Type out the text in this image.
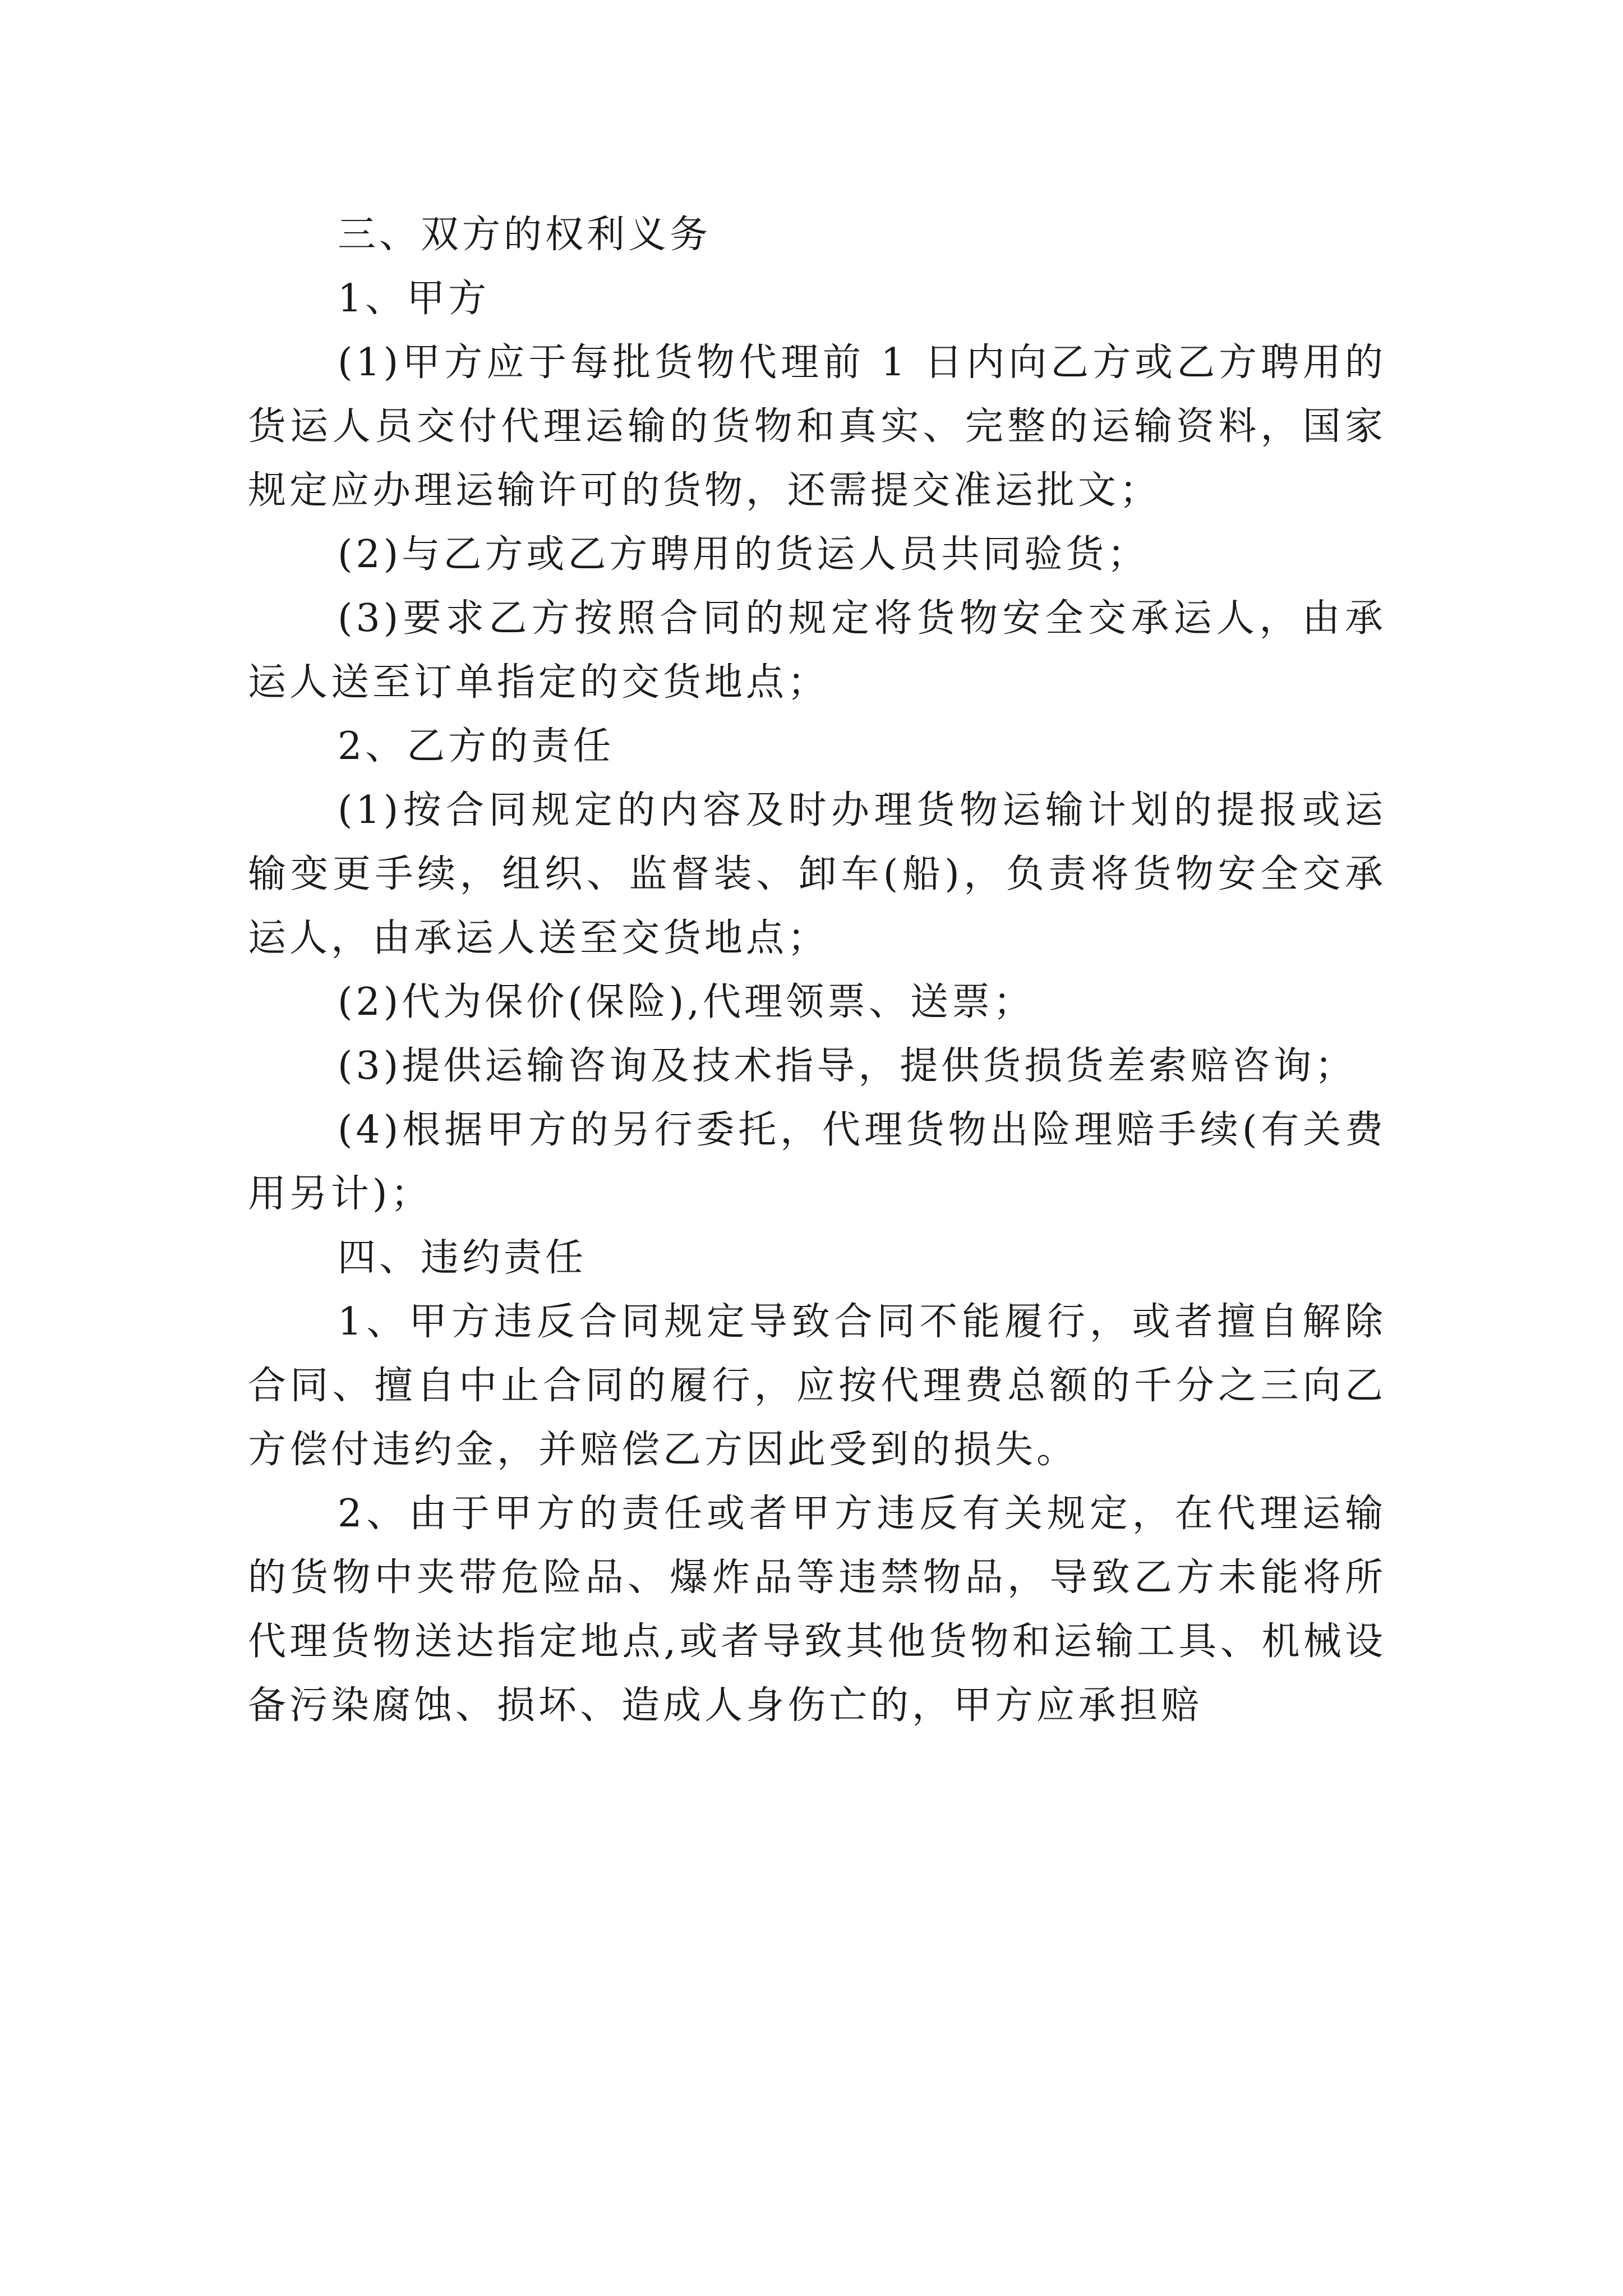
三、双方的权利义务

1、甲方

(1)甲方应于每批货物代理前 1 日内向乙方或乙方聘用的货运人员交付代理运输的货物和真实、完整的运输资料，国家规定应办理运输许可的货物，还需提交准运批文；

(2)与乙方或乙方聘用的货运人员共同验货；

(3)要求乙方按照合同的规定将货物安全交承运人，由承运人送至订单指定的交货地点；

2、乙方的责任

(1)按合同规定的内容及时办理货物运输计划的提报或运输变更手续，组织、监督装、卸车(船)，负责将货物安全交承运人，由承运人送至交货地点；

(2)代为保价(保险),代理领票、送票；

(3)提供运输咨询及技术指导，提供货损货差索赔咨询；

(4)根据甲方的另行委托，代理货物出险理赔手续(有关费用另计)；

四、违约责任

1、甲方违反合同规定导致合同不能履行，或者擅自解除合同、擅自中止合同的履行，应按代理费总额的千分之三向乙方偿付违约金，并赔偿乙方因此受到的损失。

2、由于甲方的责任或者甲方违反有关规定，在代理运输的货物中夹带危险品、爆炸品等违禁物品，导致乙方未能将所代理货物送达指定地点,或者导致其他货物和运输工具、机械设备污染腐蚀、损坏、造成人身伤亡的，甲方应承担赔
